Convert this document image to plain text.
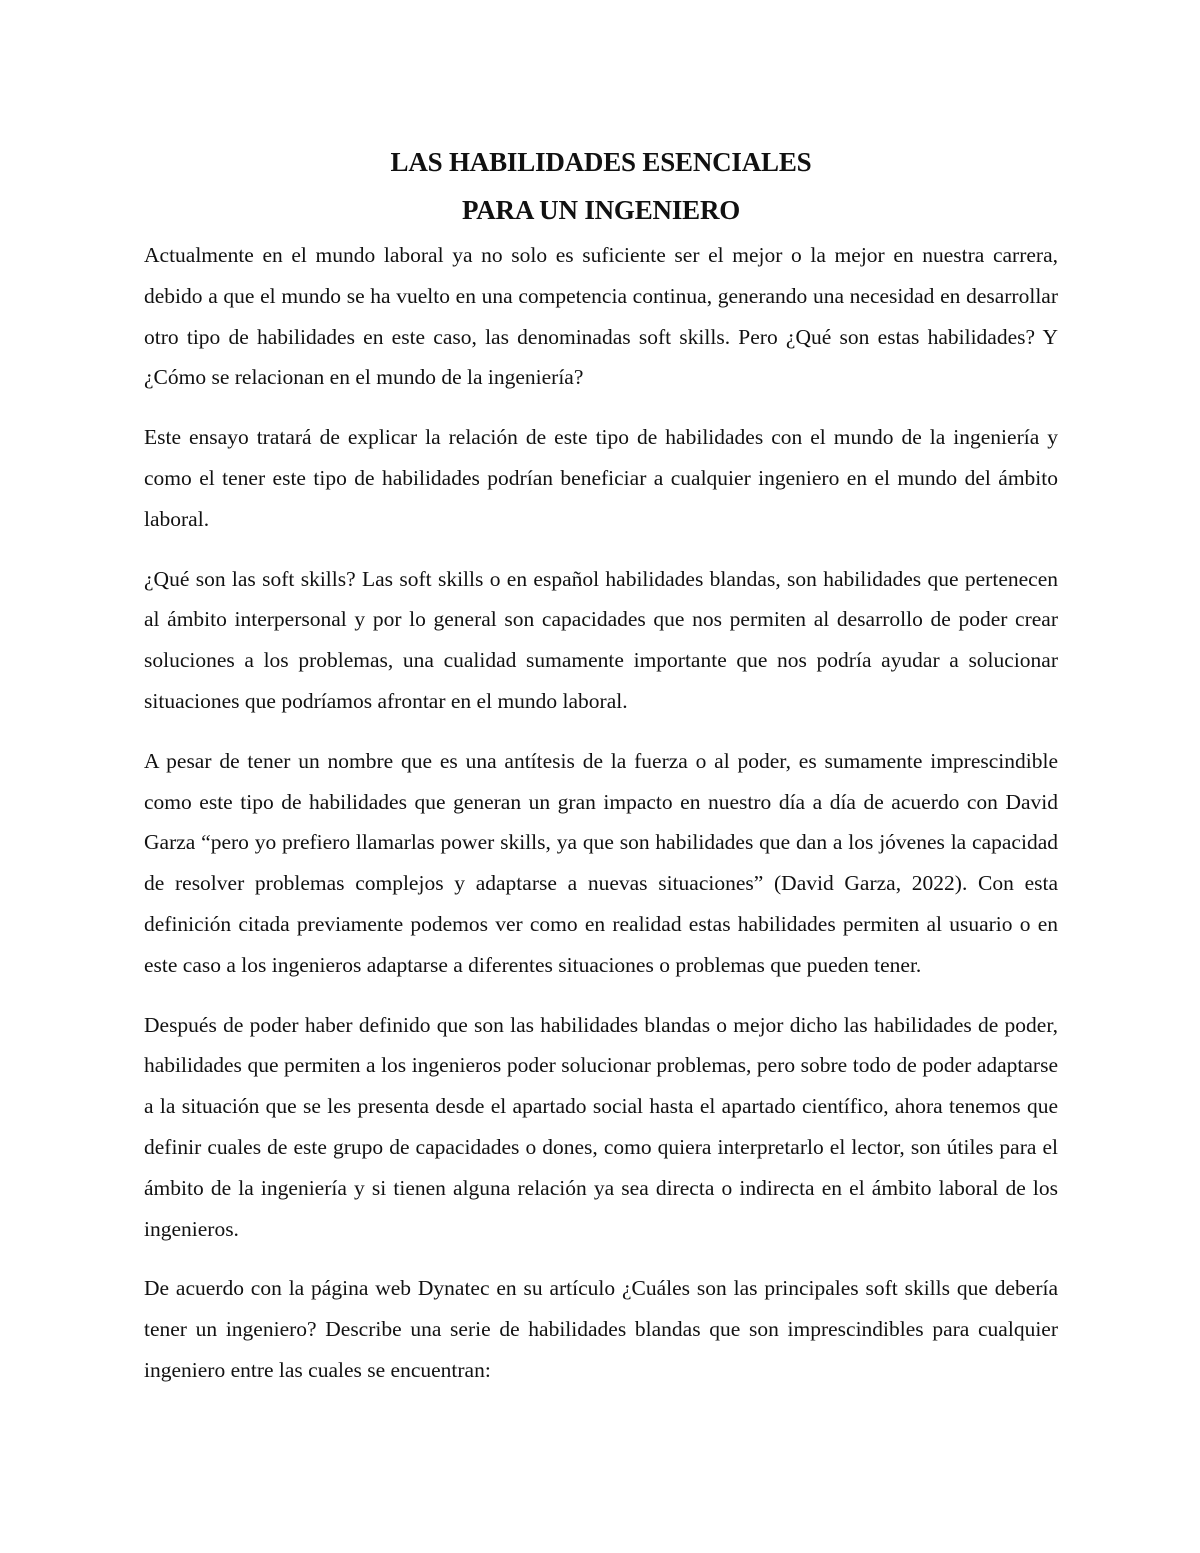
LAS HABILIDADES ESENCIALES
PARA UN INGENIERO

Actualmente en el mundo laboral ya no solo es suficiente ser el mejor o la mejor en nuestra carrera, debido a que el mundo se ha vuelto en una competencia continua, generando una necesidad en desarrollar otro tipo de habilidades en este caso, las denominadas soft skills. Pero ¿Qué son estas habilidades? Y ¿Cómo se relacionan en el mundo de la ingeniería?

Este ensayo tratará de explicar la relación de este tipo de habilidades con el mundo de la ingeniería y como el tener este tipo de habilidades podrían beneficiar a cualquier ingeniero en el mundo del ámbito laboral.

¿Qué son las soft skills? Las soft skills o en español habilidades blandas, son habilidades que pertenecen al ámbito interpersonal y por lo general son capacidades que nos permiten al desarrollo de poder crear soluciones a los problemas, una cualidad sumamente importante que nos podría ayudar a solucionar situaciones que podríamos afrontar en el mundo laboral.

A pesar de tener un nombre que es una antítesis de la fuerza o al poder, es sumamente imprescindible como este tipo de habilidades que generan un gran impacto en nuestro día a día de acuerdo con David Garza “pero yo prefiero llamarlas power skills, ya que son habilidades que dan a los jóvenes la capacidad de resolver problemas complejos y adaptarse a nuevas situaciones” (David Garza, 2022). Con esta definición citada previamente podemos ver como en realidad estas habilidades permiten al usuario o en este caso a los ingenieros adaptarse a diferentes situaciones o problemas que pueden tener.

Después de poder haber definido que son las habilidades blandas o mejor dicho las habilidades de poder, habilidades que permiten a los ingenieros poder solucionar problemas, pero sobre todo de poder adaptarse a la situación que se les presenta desde el apartado social hasta el apartado científico, ahora tenemos que definir cuales de este grupo de capacidades o dones, como quiera interpretarlo el lector, son útiles para el ámbito de la ingeniería y si tienen alguna relación ya sea directa o indirecta en el ámbito laboral de los ingenieros.

De acuerdo con la página web Dynatec en su artículo ¿Cuáles son las principales soft skills que debería tener un ingeniero? Describe una serie de habilidades blandas que son imprescindibles para cualquier ingeniero entre las cuales se encuentran:
